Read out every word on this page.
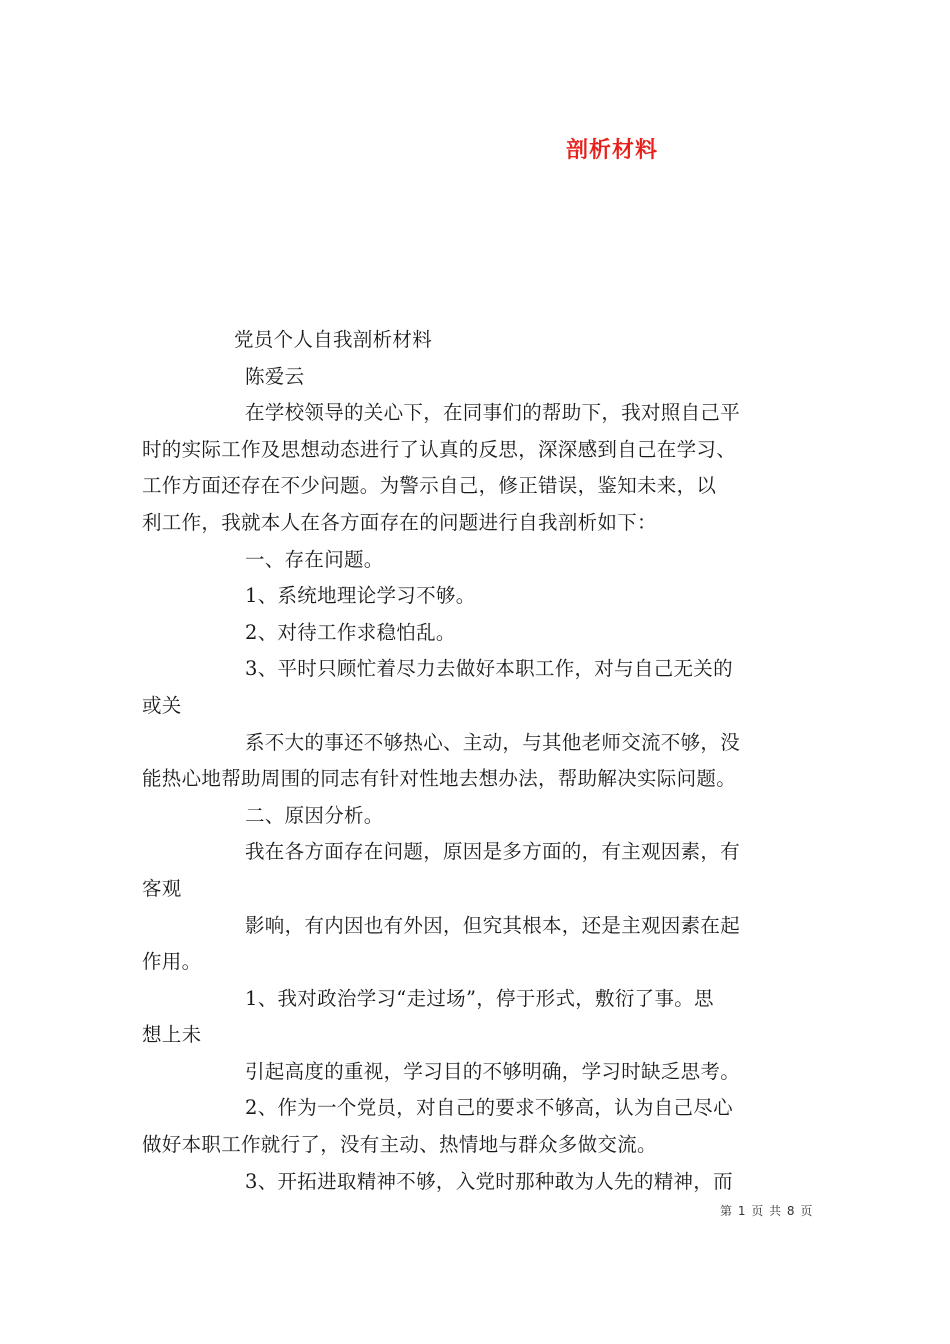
剖析材料
党员个人自我剖析材料
陈爱云
在学校领导的关心下，在同事们的帮助下，我对照自己平
时的实际工作及思想动态进行了认真的反思，深深感到自己在学习、
工作方面还存在不少问题。为警示自己，修正错误，鉴知未来，以
利工作，我就本人在各方面存在的问题进行自我剖析如下：
一、存在问题。
1、系统地理论学习不够。
2、对待工作求稳怕乱。
3、平时只顾忙着尽力去做好本职工作，对与自己无关的
或关
系不大的事还不够热心、主动，与其他老师交流不够，没
能热心地帮助周围的同志有针对性地去想办法，帮助解决实际问题。
二、原因分析。
我在各方面存在问题，原因是多方面的，有主观因素，有
客观
影响，有内因也有外因，但究其根本，还是主观因素在起
作用。
1、我对政治学习“走过场”，停于形式，敷衍了事。思
想上未
引起高度的重视，学习目的不够明确，学习时缺乏思考。
2、作为一个党员，对自己的要求不够高，认为自己尽心
做好本职工作就行了，没有主动、热情地与群众多做交流。
3、开拓进取精神不够，入党时那种敢为人先的精神，而
第 1 页 共 8 页
